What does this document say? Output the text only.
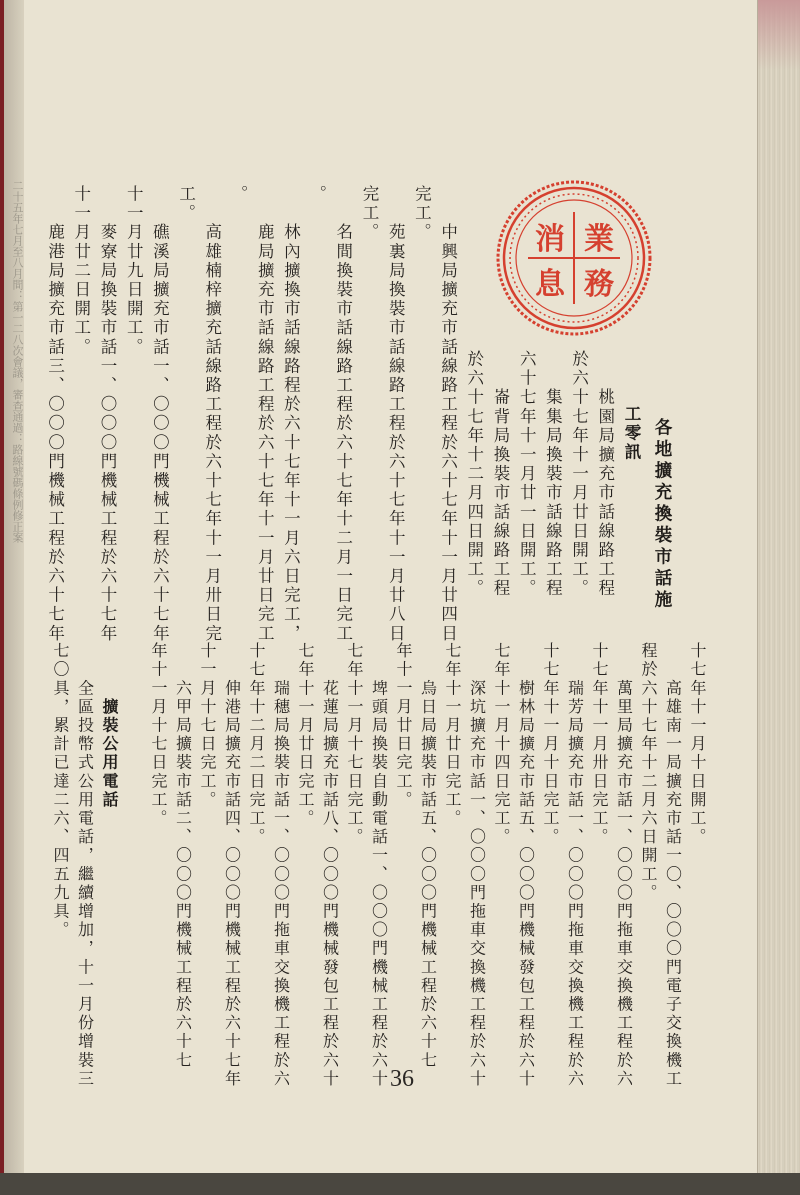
二十五年七月至八月間：第一二八次會議，審查通過：路線號碼條例修正案	業
消
務
息

各地擴充換裝市話施

工零訊

　　桃園局擴充市話線路工程

於六十七年十一月廿日開工。

　　集集局換裝市話線路工程

六十七年十一月廿一日開工。

　　崙背局換裝市話線路工程

於六十七年十二月四日開工。

　　中興局擴充市話線路工程於六十七年十一月廿四日

完工。

　　苑裏局換裝市話線路工程於六十七年十一月廿八日

完工。

　　名間換裝市話線路工程於六十七年十二月一日完工

。

　　林內擴換市話線路程於六十七年十一月六日完工，

　　鹿局擴充市話線路工程於六十七年十一月廿日完工

。

　　高雄楠梓擴充話線路工程於六十七年十一月卅日完

工。

　　礁溪局擴充市話一、〇〇〇門機械工程於六十七年

十一月廿九日開工。

　　麥寮局換裝市話一、〇〇〇門機械工程於六十七年

十一月廿二日開工。

　　鹿港局擴充市話三、〇〇〇門機械工程於六十七年

十七年十一月十日開工。

　　高雄南一局擴充市話一〇、〇〇〇門電子交換機工

程於六十七年十二月六日開工。

　　萬里局擴充市話一、〇〇〇門拖車交換機工程於六

十七年十一月卅日完工。

　　瑞芳局擴充市話一、〇〇〇門拖車交換機工程於六

十七年十一月十日完工。

　　樹林局擴充市話五、〇〇〇門機械發包工程於六十

七年十一月十四日完工。

　　深坑擴充市話一、〇〇〇門拖車交換機工程於六十

七年十一月廿日完工。

　　烏日局擴裝市話五、〇〇〇門機械工程於六十七

年十一月廿日完工。

　　埤頭局換裝自動電話一、〇〇〇門機械工程於六十

七年十一月十七日完工。

　　花蓮局擴充市話八、〇〇〇門機械發包工程於六十

七年十一月廿日完工。

　　瑞穗局換裝市話一、〇〇〇門拖車交換機工程於六

十七年十二月二日完工。

　　伸港局擴充市話四、〇〇〇門機械工程於六十七年

十一月十七日完工。

　　六甲局擴裝市話二、〇〇〇門機械工程於六十七

年十一月十七日完工。

　　　擴裝公用電話

　　全區投幣式公用電話，繼續增加，十一月份增裝三

七〇具，累計已達二六、四五九具。

36
